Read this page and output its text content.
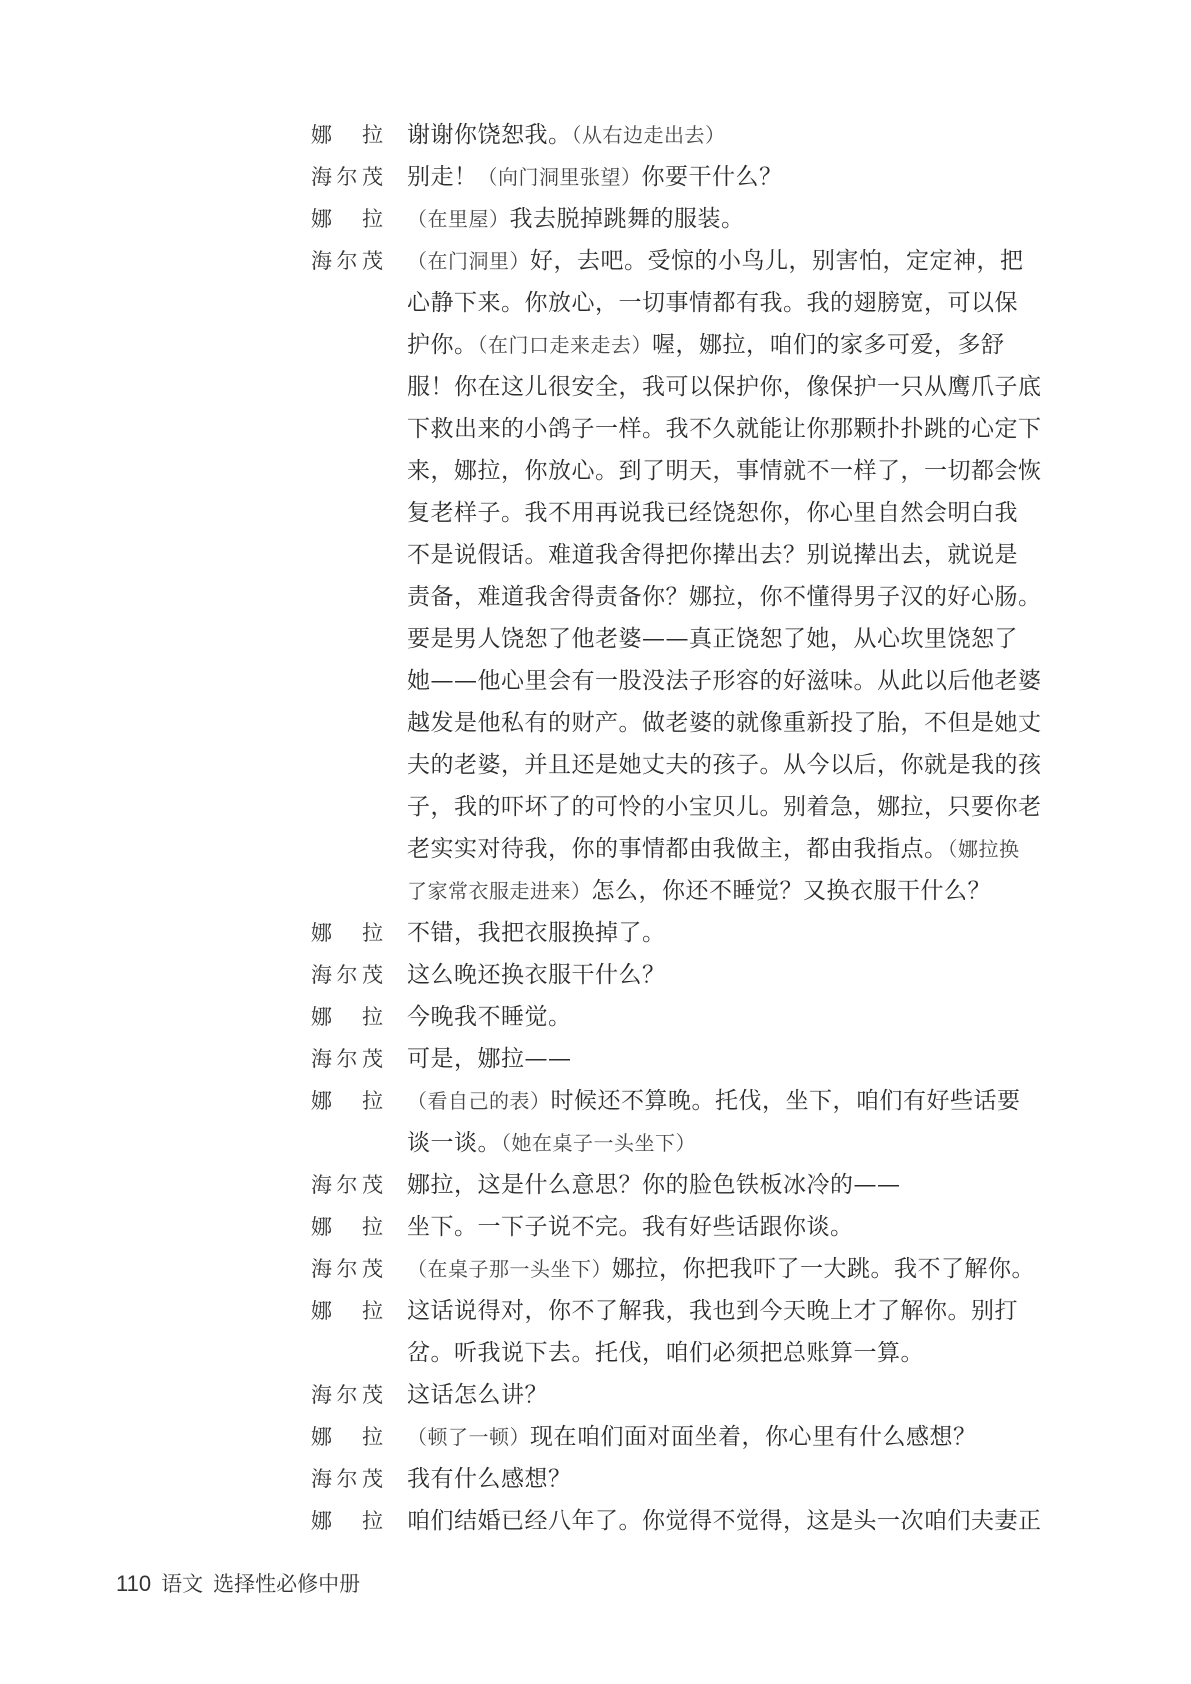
娜 拉 谢谢你饶恕我。（从右边走出去）
海 尔 茂 别走！（向门洞里张望）你要干什么？
娜 拉 （在里屋）我去脱掉跳舞的服装。
海 尔 茂 （在门洞里）好，去吧。受惊的小鸟儿，别害怕，定定神，把
心静下来。你放心，一切事情都有我。我的翅膀宽，可以保
护你。（在门口走来走去）喔，娜拉，咱们的家多可爱，多舒
服！你在这儿很安全，我可以保护你，像保护一只从鹰爪子底
下救出来的小鸽子一样。我不久就能让你那颗扑扑跳的心定下
来，娜拉，你放心。到了明天，事情就不一样了，一切都会恢
复老样子。我不用再说我已经饶恕你，你心里自然会明白我
不是说假话。难道我舍得把你撵出去？别说撵出去，就说是
责备，难道我舍得责备你？娜拉，你不懂得男子汉的好心肠。
要是男人饶恕了他老婆——真正饶恕了她，从心坎里饶恕了
她——他心里会有一股没法子形容的好滋味。从此以后他老婆
越发是他私有的财产。做老婆的就像重新投了胎，不但是她丈
夫的老婆，并且还是她丈夫的孩子。从今以后，你就是我的孩
子，我的吓坏了的可怜的小宝贝儿。别着急，娜拉，只要你老
老实实对待我，你的事情都由我做主，都由我指点。（娜拉换
了家常衣服走进来）怎么，你还不睡觉？又换衣服干什么？
娜 拉 不错，我把衣服换掉了。
海 尔 茂 这么晚还换衣服干什么？
娜 拉 今晚我不睡觉。
海 尔 茂 可是，娜拉——
娜 拉 （看自己的表）时候还不算晚。托伐，坐下，咱们有好些话要
谈一谈。（她在桌子一头坐下）
海 尔 茂 娜拉，这是什么意思？你的脸色铁板冰冷的——
娜 拉 坐下。一下子说不完。我有好些话跟你谈。
海 尔 茂 （在桌子那一头坐下）娜拉，你把我吓了一大跳。我不了解你。
娜 拉 这话说得对，你不了解我，我也到今天晚上才了解你。别打
岔。听我说下去。托伐，咱们必须把总账算一算。
海 尔 茂 这话怎么讲？
娜 拉 （顿了一顿）现在咱们面对面坐着，你心里有什么感想？
海 尔 茂 我有什么感想？
娜 拉 咱们结婚已经八年了。你觉得不觉得，这是头一次咱们夫妻正
110 语文 选择性必修中册
